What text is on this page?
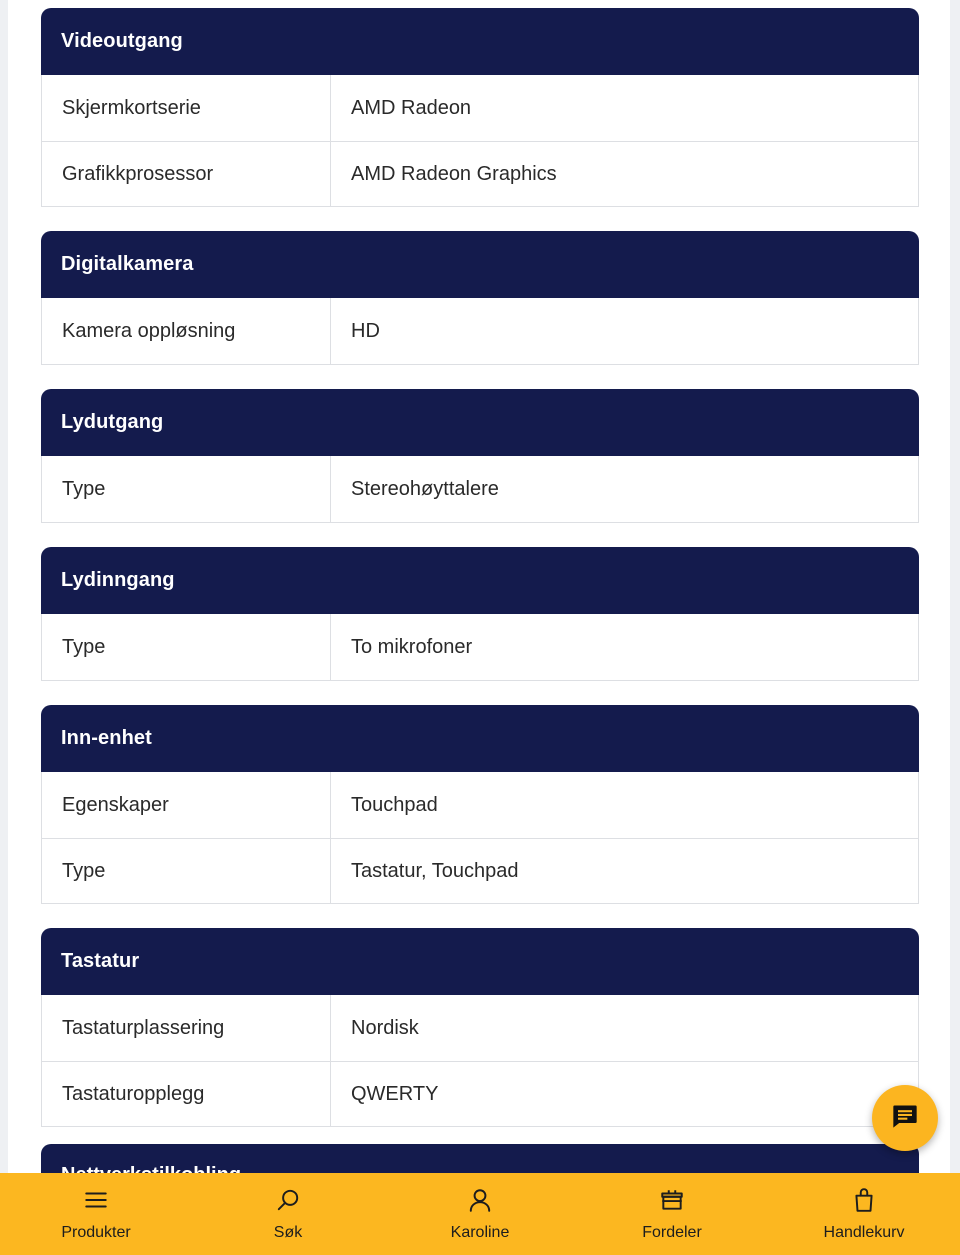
Videoutgang
Skjermkortserie	AMD Radeon
Grafikkprosessor	AMD Radeon Graphics
Digitalkamera
Kamera oppløsning	HD
Lydutgang
Type	Stereohøyttalere
Lydinngang
Type	To mikrofoner
Inn-enhet
Egenskaper	Touchpad
Type	Tastatur, Touchpad
Tastatur
Tastaturplassering	Nordisk
Tastaturopplegg	QWERTY
Produkter	Søk	Karoline	Fordeler	Handlekurv
